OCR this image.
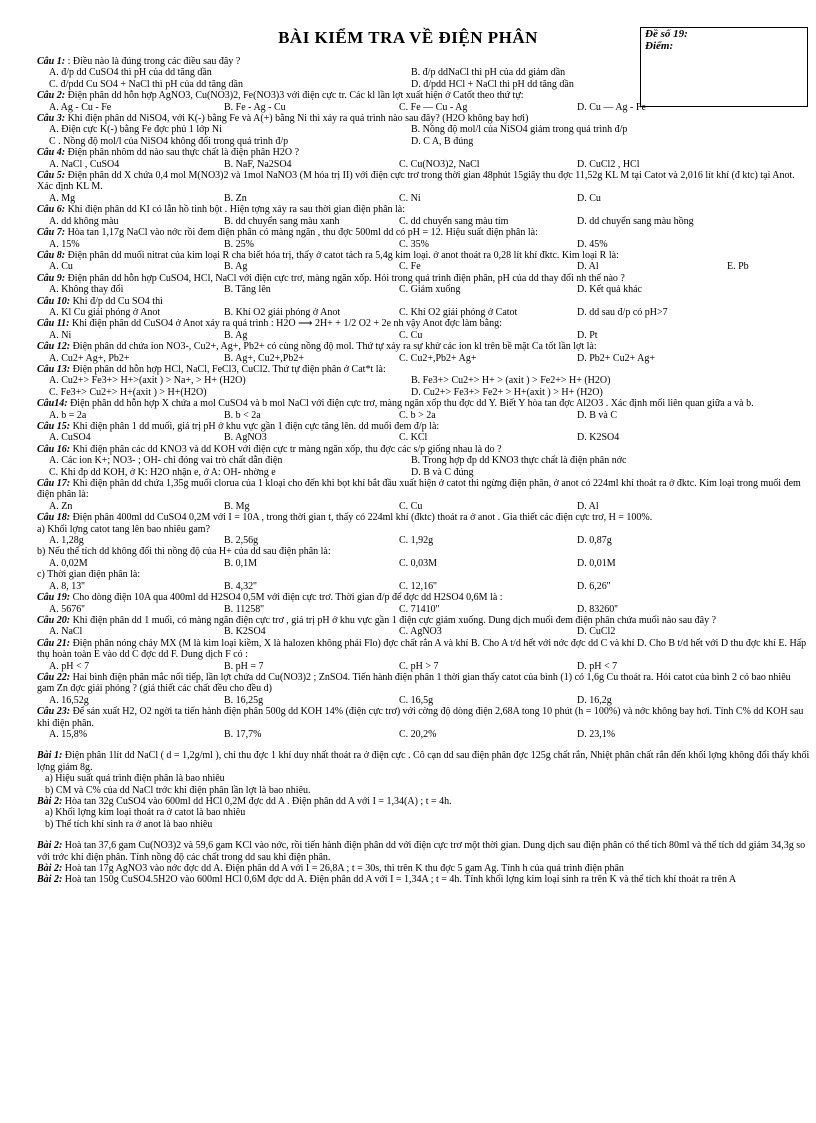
BÀI KIỂM TRA VỀ ĐIỆN PHÂN	Đề số 19:
Điểm:
Câu 1: : Điều nào là đúng trong các điều sau đây ?
A. đ/p dd CuSO4 thì pH của dd tăng dần	B. đ/p ddNaCl thì pH của dd giảm dần
C. đ/pdd Cu SO4 + NaCl thì pH của dd tăng dần	D. đ/pdd HCl + NaCl thì pH dd tăng dần
Câu 2: Điện phân dd hỗn hợp AgNO3, Cu(NO3)2, Fe(NO3)3 với điện cực tr. Các kl lần lợt xuất hiện ở Catốt theo thứ tự:
A. Ag - Cu - Fe	B. Fe - Ag - Cu	C. Fe — Cu - Ag	D. Cu — Ag - Fe
Câu 3: Khi điện phân dd NiSO4, với K(-) bằng Fe và A(+) bằng Ni thì xảy ra quá trình nào sau đây? (H2O không bay hơi)
A. Điện cực K(-) bằng Fe đợc phủ 1 lớp Ni	B. Nồng độ mol/l của NiSO4 giảm trong quá trình đ/p
C . Nồng độ mol/l của NiSO4 không đổi trong quá trình đ/p	D. C A, B đúng
Câu 4: Điện phân nhôm dd nào sau thực chất là điện phân H2O ?
A. NaCl , CuSO4	B. NaF, Na2SO4	C. Cu(NO3)2, NaCl	D. CuCl2 , HCl
Câu 5: Điện phân dd X chứa 0,4 mol M(NO3)2 và 1mol NaNO3 (M hóa trị II) với điện cực trơ trong thời gian 48phút 15giây thu đợc 11,52g KL M tại Catot và 2,016 lít khí (đ ktc) tại Anot. Xác định KL M.
A. Mg	B. Zn	C. Ni	D. Cu
Câu 6: Khi điện phân dd KI có lẫn hồ tinh bột . Hiện tợng xảy ra sau thời gian điện phân là:
A. dd không màu	B. dd chuyển sang màu xanh	C. dd chuyển sang màu tím	D. dd chuyển sang màu hồng
Câu 7: Hòa tan 1,17g NaCl vào nớc rồi đem điện phân có màng ngăn , thu đợc 500ml dd có pH = 12. Hiệu suất điện phân là:
A. 15%	B. 25%	C. 35%	D. 45%
Câu 8: Điện phân dd muối nitrat của kim loại R cha biết hóa trị, thấy ở catot tách ra 5,4g kim loại. ở anot thoát ra 0,28 lít khí đktc. Kim loại R là:
A. Cu	B. Ag	C. Fe	D. Al	E. Pb
Câu 9: Điện phân dd hỗn hợp CuSO4, HCl, NaCl với điện cực trơ, màng ngăn xốp. Hỏi trong quá trình điện phân, pH của dd thay đổi nh thế nào ?
A. Không thay đổi	B. Tăng lên	C. Giảm xuống	D. Kết quả khác
Câu 10: Khi đ/p dd Cu SO4 thì
A. Kl Cu giải phóng ở Anot	B. Khí O2 giải phóng ở Anot	C. Khí O2 giải phóng ở Catot	D. dd sau đ/p có pH>7
Câu 11: Khi điện phân dd CuSO4 ở Anot xảy ra quá trình : H2O ⟶ 2H+ + 1/2 O2 + 2e nh vậy Anot đợc làm bằng:
A. Ni	B. Ag	C. Cu	D. Pt
Câu 12: Điện phân dd chứa ion NO3-, Cu2+, Ag+, Pb2+ có cùng nồng độ mol. Thứ tự xảy ra sự khử các ion kl trên bề mặt Ca tốt lần lợt là:
A. Cu2+ Ag+, Pb2+	B. Ag+, Cu2+,Pb2+	C. Cu2+,Pb2+ Ag+	D. Pb2+ Cu2+ Ag+
Câu 13: Điện phân dd hỗn hợp HCl, NaCl, FeCl3, CuCl2. Thứ tự điện phân ở Cat*t là:
A. Cu2+> Fe3+> H+>(axit ) > Na+, > H+ (H2O)	B. Fe3+> Cu2+> H+ > (axit ) > Fe2+> H+ (H2O)
C. Fe3+> Cu2+> H+(axit ) > H+(H2O)	D. Cu2+> Fe3+> Fe2+ > H+(axit ) > H+ (H2O)
Câu14: Điện phân dd hỗn hợp X chứa a mol CuSO4 và b mol NaCl với điện cực trơ, màng ngăn xốp thu đợc dd Y. Biết Y hòa tan đợc Al2O3 . Xác định mối liên quan giữa a và b.
A. b = 2a	B. b < 2a	C. b > 2a	D. B và C
Câu 15: Khi điện phân 1 dd muối, giá trị pH ở khu vực gần 1 điện cực tăng lên. dd muối đem đ/p là:
A. CuSO4	B. AgNO3	C. KCl	D. K2SO4
Câu 16: Khi điện phân các dd KNO3 và dd KOH với điện cực tr màng ngăn xốp, thu đợc các s/p giống nhau là do ?
A. Các ion K+; NO3- ; OH- chỉ đóng vai trò chất dẫn điện	B. Trong hợp đp dd KNO3 thực chất là điện phân nớc
C. Khi đp dd KOH, ở K: H2O nhận e, ở A: OH- nhờng e	D. B và C đúng
Câu 17: Khi điện phân dd chứa 1,35g muối clorua của 1 kloại cho đến khi bọt khí bắt đầu xuất hiện ở catot thì ngừng điện phân, ở anot có 224ml khí thoát ra ở đktc. Kim loại trong muối đem điện phân là:
A. Zn	B. Mg	C. Cu	D. Al
Câu 18: Điện phân 400ml dd CuSO4 0,2M với I = 10A , trong thời gian t, thấy có 224ml khí (đktc) thoát ra ở anot . Gia thiết các điện cực trơ, H = 100%.
a) Khối lợng catot tang lên bao nhiêu gam?
A. 1,28g	B. 2,56g	C. 1,92g	D. 0,87g
b) Nếu thể tích dd không đổi thì nồng độ của H+ của dd sau điện phân là:
A. 0,02M	B. 0,1M	C. 0,03M	D. 0,01M
c) Thời gian điện phân là:
A. 8, 13''	B. 4,32''	C. 12,16''	D. 6,26''
Câu 19: Cho dòng điện 10A qua 400ml dd H2SO4 0,5M với điện cực trơ. Thời gian đ/p để đợc dd H2SO4 0,6M là :
A. 5676''	B. 11258''	C. 71410''	D. 83260''
Câu 20: Khi điện phân dd 1 muối, có màng ngăn điện cực trơ , giá trị pH ở khu vực gần 1 điện cực giảm xuống. Dung dịch muối đem điện phân chứa muối nào sau đây ?
A. NaCl	B. K2SO4	C. AgNO3	D. CuCl2
Câu 21: Điện phân nóng chảy MX (M là kim loại kiềm, X là halozen không phải Flo) đợc chất rắn A và khí B. Cho A t/d hết với nớc đợc dd C và khí D. Cho B t/d hết với D thu đợc khí E. Hấp thụ hoàn toàn E vào dd C đợc dd F. Dung dịch F có :
A. pH < 7	B. pH = 7	C. pH > 7	D. pH < 7
Câu 22: Hai bình điện phân mắc nối tiếp, lần lợt chứa dd Cu(NO3)2 ; ZnSO4. Tiến hành điện phân 1 thời gian thấy catot của bình (1) có 1,6g Cu thoát ra. Hỏi catot của bình 2 có bao nhiêu gam Zn đợc giải phóng ? (giả thiết các chất đều cho đều d)
A. 16,52g	B. 16,25g	C. 16,5g	D. 16,2g
Câu 23: Để sản xuất H2, O2 ngời ta tiến hành điện phân 500g dd KOH 14% (điện cực trơ) với cờng độ dòng điện 2,68A tong 10 phút (h = 100%) và nớc không bay hơi. Tính C% dd KOH sau khi điện phân.
A. 15,8%	B. 17,7%	C. 20,2%	D. 23,1%
Bài 1: Điện phân 1lít dd NaCl ( d = 1,2g/ml ), chỉ thu đợc 1 khí duy nhất thoát ra ở điện cực . Cô cạn dd sau điện phân đợc 125g chất rắn, Nhiệt phân chất rắn đến khối lợng không đổi thấy khối lợng giảm 8g.
a) Hiệu suất quá trình điện phân là bao nhiêu
b) CM và C% của dd NaCl trớc khi điện phân lần lợt là bao nhiêu.
Bài 2: Hòa tan 32g CuSO4 vào 600ml dd HCl 0,2M đợc dd A . Điện phân dd A với I = 1,34(A) ; t = 4h.
a) Khối lợng kim loại thoát ra ở catot là bao nhiêu
b) Thể tích khí sinh ra ở anot là bao nhiêu
Bài 2: Hoà tan 37,6 gam Cu(NO3)2 và 59,6 gam KCl vào nớc, rồi tiến hành điện phân dd với điện cực trơ một thời gian. Dung dịch sau điện phân có thể tích 80ml và thể tích dd giảm 34,3g so với trớc khi điện phân. Tính nồng độ các chất trong dd sau khi điện phân.
Bài 2: Hoà tan 17g AgNO3 vào nớc đợc dd A. Điện phân dd A với I = 26,8A ; t = 30s, thì trên K thu đợc 5 gam Ag. Tính h của quá trình điện phân
Bài 2: Hoà tan 150g CuSO4.5H2O vào 600ml HCl 0,6M đợc dd A. Điện phân dd A với I = 1,34A ; t = 4h. Tính khối lợng kim loại sinh ra trên K và thể tích khí thoát ra trên A
